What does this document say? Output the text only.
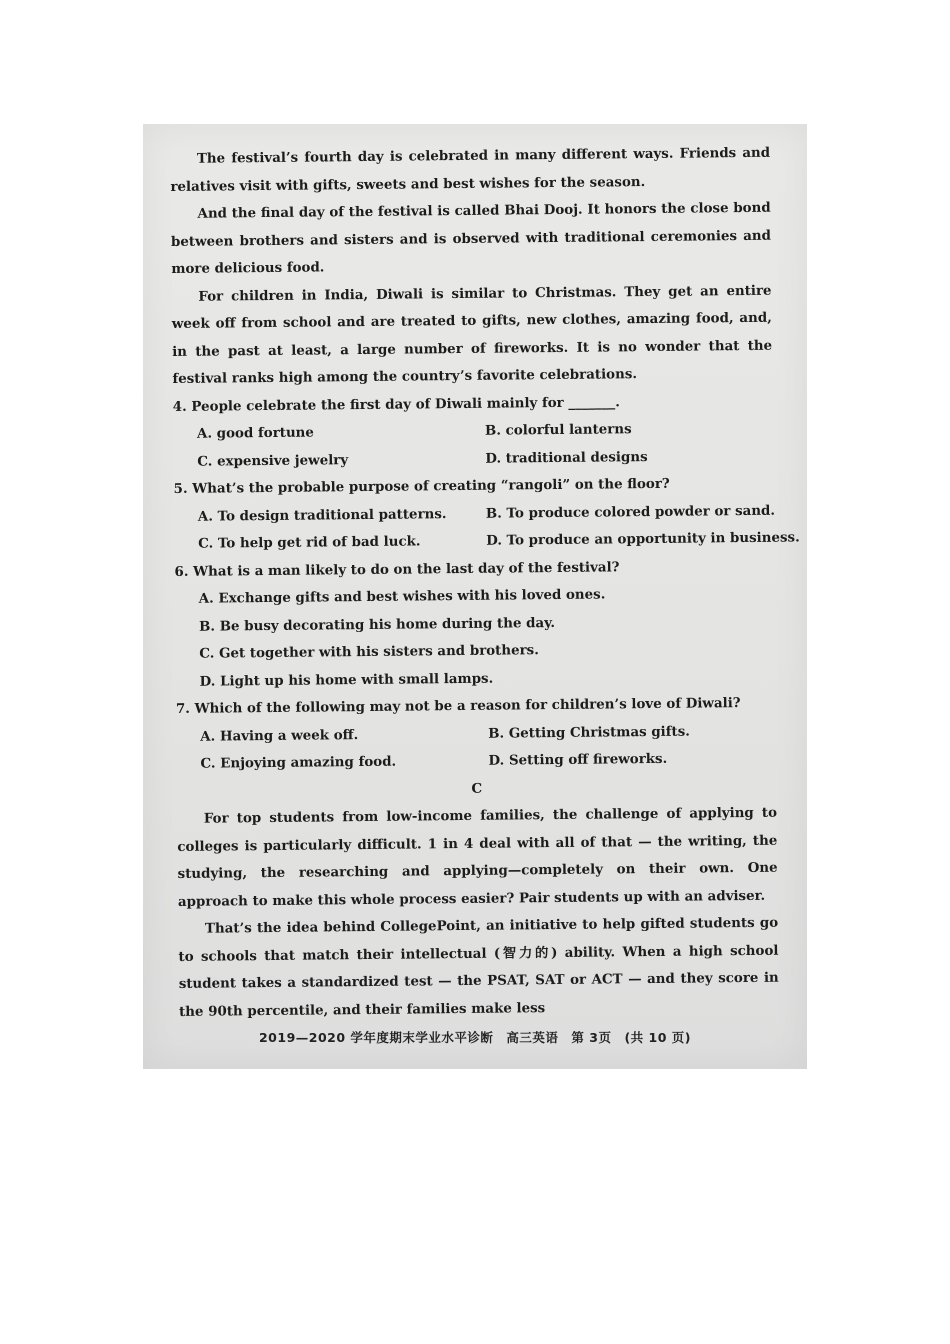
The festival’s fourth day is celebrated in many different ways. Friends and relatives visit with gifts, sweets and best wishes for the season.

And the final day of the festival is called Bhai Dooj. It honors the close bond between brothers and sisters and is observed with traditional ceremonies and more delicious food.

For children in India, Diwali is similar to Christmas. They get an entire week off from school and are treated to gifts, new clothes, amazing food, and, in the past at least, a large number of fireworks. It is no wonder that the festival ranks high among the country’s favorite celebrations.

4. People celebrate the first day of Diwali mainly for _______.
A. good fortune	B. colorful lanterns
C. expensive jewelry	D. traditional designs
5. What’s the probable purpose of creating “rangoli” on the floor?
A. To design traditional patterns.	B. To produce colored powder or sand.
C. To help get rid of bad luck.	D. To produce an opportunity in business.
6. What is a man likely to do on the last day of the festival?
A. Exchange gifts and best wishes with his loved ones.
B. Be busy decorating his home during the day.
C. Get together with his sisters and brothers.
D. Light up his home with small lamps.
7. Which of the following may not be a reason for children’s love of Diwali?
A. Having a week off.	B. Getting Christmas gifts.
C. Enjoying amazing food.	D. Setting off fireworks.
C

For top students from low-income families, the challenge of applying to colleges is particularly difficult. 1 in 4 deal with all of that — the writing, the studying, the researching and applying—completely on their own. One approach to make this whole process easier? Pair students up with an adviser.

That’s the idea behind CollegePoint, an initiative to help gifted students go to schools that match their intellectual (智力的) ability. When a high school student takes a standardized test — the PSAT, SAT or ACT — and they score in the 90th percentile, and their families make less

2019—2020 学年度期末学业水平诊断　高三英语　第 3页　(共 10 页)
